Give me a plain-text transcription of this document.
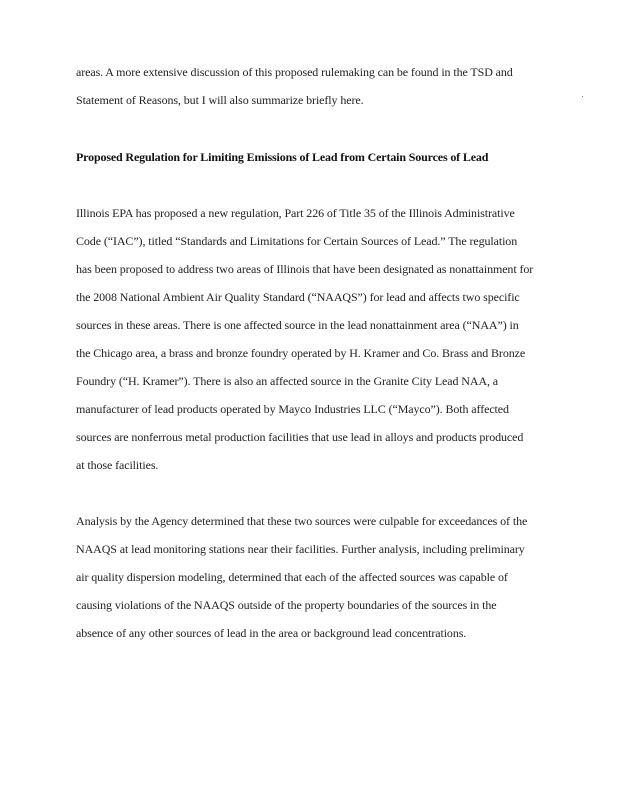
areas. A more extensive discussion of this proposed rulemaking can be found in the TSD and
Statement of Reasons, but I will also summarize briefly here.
Proposed Regulation for Limiting Emissions of Lead from Certain Sources of Lead
Illinois EPA has proposed a new regulation, Part 226 of Title 35 of the Illinois Administrative
Code (“IAC”), titled “Standards and Limitations for Certain Sources of Lead.” The regulation
has been proposed to address two areas of Illinois that have been designated as nonattainment for
the 2008 National Ambient Air Quality Standard (“NAAQS”) for lead and affects two specific
sources in these areas. There is one affected source in the lead nonattainment area (“NAA”) in
the Chicago area, a brass and bronze foundry operated by H. Kramer and Co. Brass and Bronze
Foundry (“H. Kramer”). There is also an affected source in the Granite City Lead NAA, a
manufacturer of lead products operated by Mayco Industries LLC (“Mayco”). Both affected
sources are nonferrous metal production facilities that use lead in alloys and products produced
at those facilities.
Analysis by the Agency determined that these two sources were culpable for exceedances of the
NAAQS at lead monitoring stations near their facilities. Further analysis, including preliminary
air quality dispersion modeling, determined that each of the affected sources was capable of
causing violations of the NAAQS outside of the property boundaries of the sources in the
absence of any other sources of lead in the area or background lead concentrations.
